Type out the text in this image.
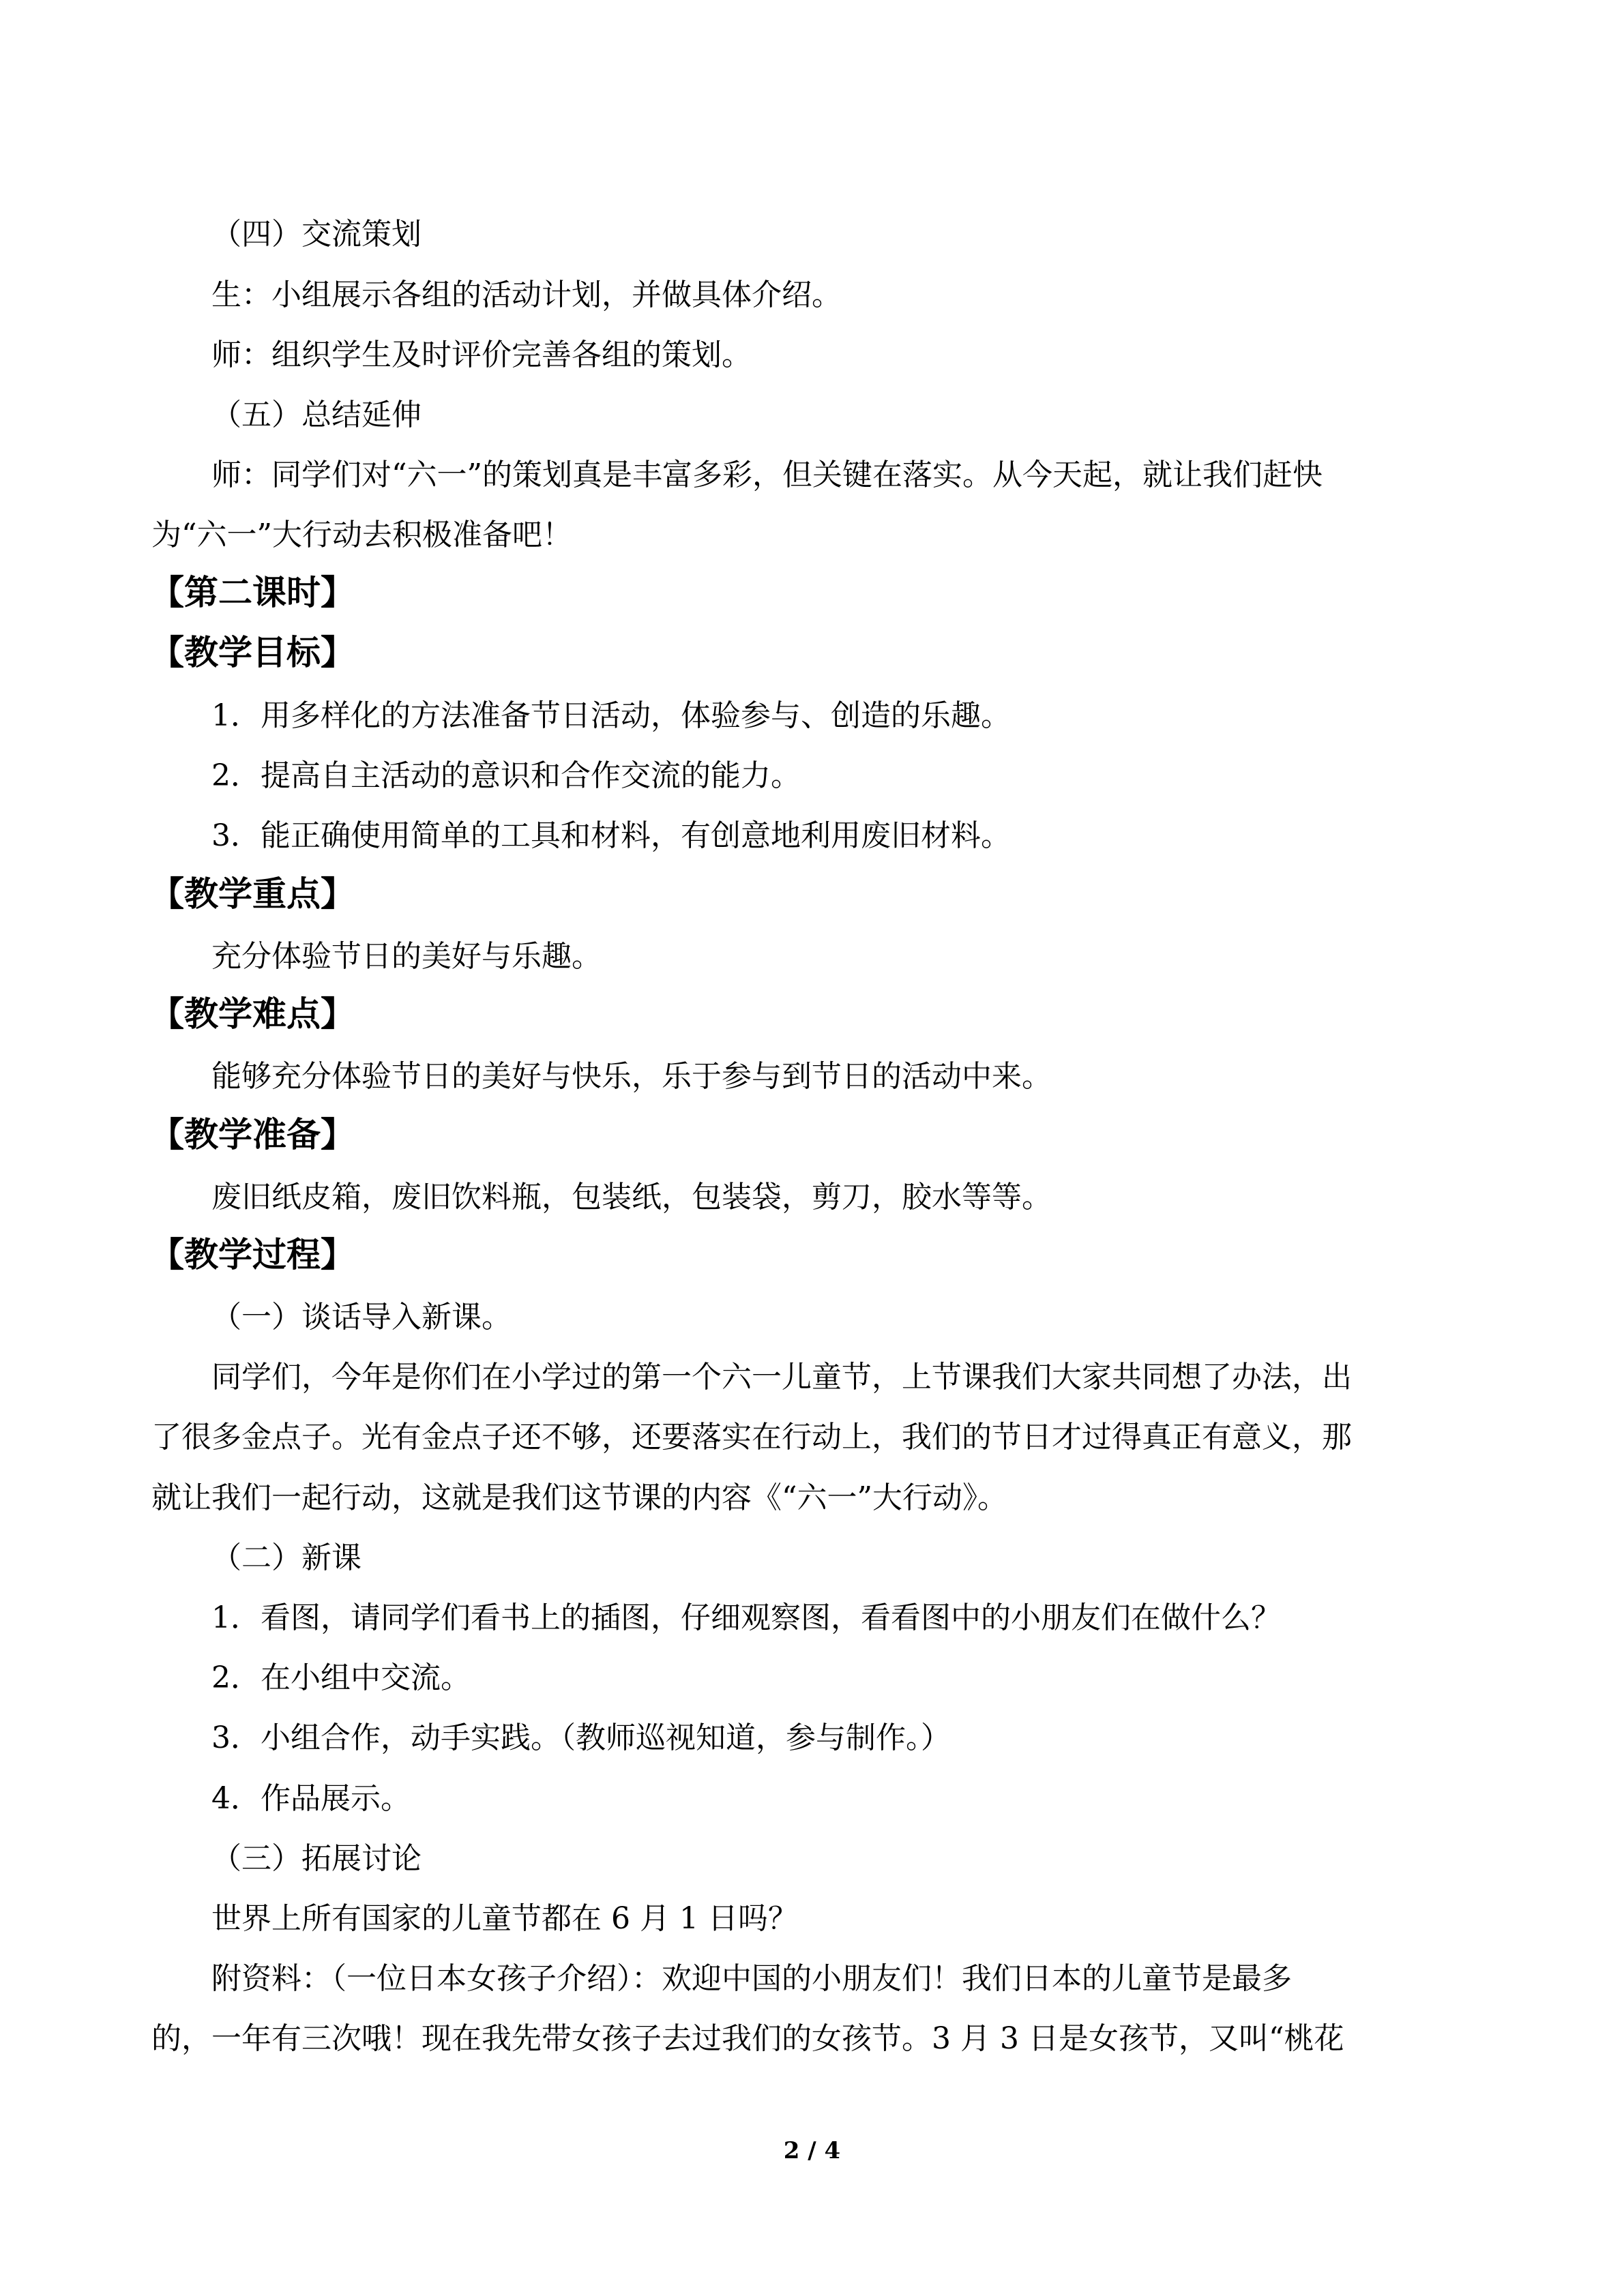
（四）交流策划
生：小组展示各组的活动计划，并做具体介绍。
师：组织学生及时评价完善各组的策划。
（五）总结延伸
师：同学们对“六一”的策划真是丰富多彩，但关键在落实。从今天起，就让我们赶快
为“六一”大行动去积极准备吧！
【第二课时】
【教学目标】
1．用多样化的方法准备节日活动，体验参与、创造的乐趣。
2．提高自主活动的意识和合作交流的能力。
3．能正确使用简单的工具和材料，有创意地利用废旧材料。
【教学重点】
充分体验节日的美好与乐趣。
【教学难点】
能够充分体验节日的美好与快乐，乐于参与到节日的活动中来。
【教学准备】
废旧纸皮箱，废旧饮料瓶，包装纸，包装袋，剪刀，胶水等等。
【教学过程】
（一）谈话导入新课。
同学们，今年是你们在小学过的第一个六一儿童节，上节课我们大家共同想了办法，出
了很多金点子。光有金点子还不够，还要落实在行动上，我们的节日才过得真正有意义，那
就让我们一起行动，这就是我们这节课的内容《“六一”大行动》。
（二）新课
1．看图，请同学们看书上的插图，仔细观察图，看看图中的小朋友们在做什么？
2．在小组中交流。
3．小组合作，动手实践。（教师巡视知道，参与制作。）
4．作品展示。
（三）拓展讨论
世界上所有国家的儿童节都在 6 月 1 日吗？
附资料：（一位日本女孩子介绍）：欢迎中国的小朋友们！我们日本的儿童节是最多
的，一年有三次哦！现在我先带女孩子去过我们的女孩节。3 月 3 日是女孩节，又叫“桃花
2 / 4
